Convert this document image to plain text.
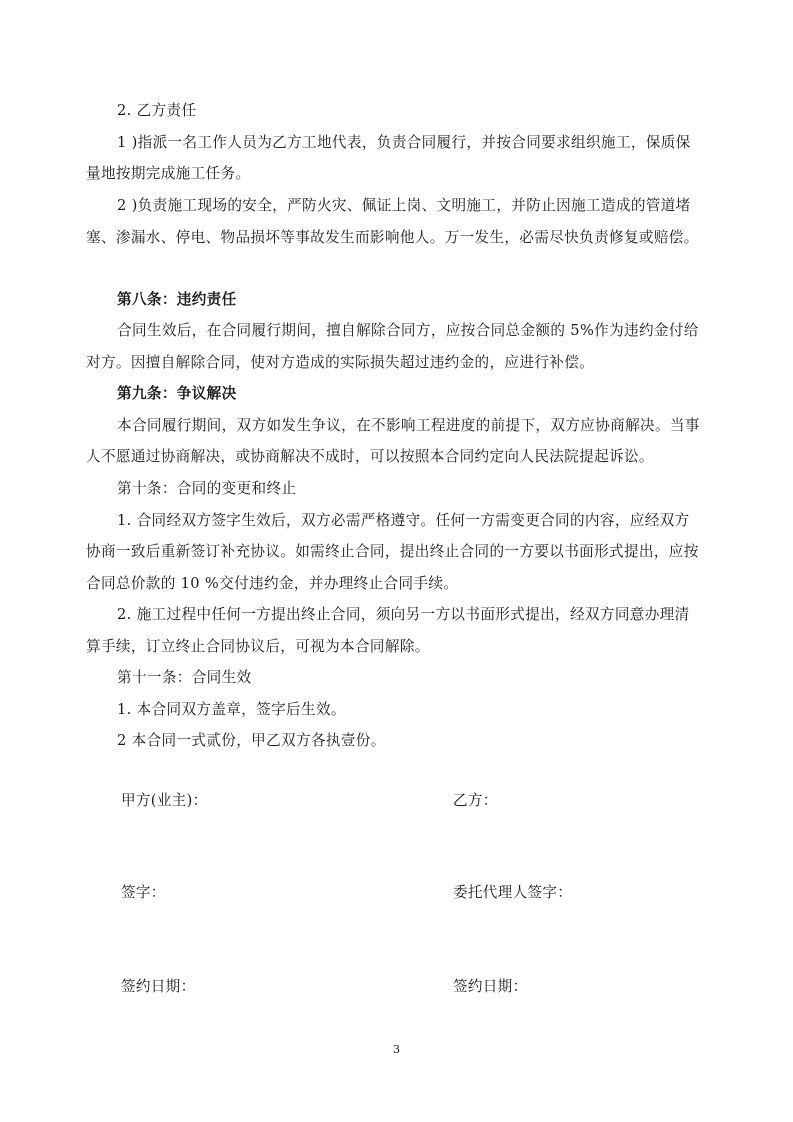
2. 乙方责任
1 )指派一名工作人员为乙方工地代表，负责合同履行，并按合同要求组织施工，保质保
量地按期完成施工任务。
2 )负责施工现场的安全，严防火灾、佩证上岗、文明施工，并防止因施工造成的管道堵
塞、渗漏水、停电、物品损坏等事故发生而影响他人。万一发生，必需尽快负责修复或赔偿。
第八条：违约责任
合同生效后，在合同履行期间，擅自解除合同方，应按合同总金额的 5%作为违约金付给
对方。因擅自解除合同，使对方造成的实际损失超过违约金的，应进行补偿。
第九条：争议解决
本合同履行期间，双方如发生争议，在不影响工程进度的前提下，双方应协商解决。当事
人不愿通过协商解决，或协商解决不成时，可以按照本合同约定向人民法院提起诉讼。
第十条：合同的变更和终止
1. 合同经双方签字生效后，双方必需严格遵守。任何一方需变更合同的内容，应经双方
协商一致后重新签订补充协议。如需终止合同，提出终止合同的一方要以书面形式提出，应按
合同总价款的 10 %交付违约金，并办理终止合同手续。
2. 施工过程中任何一方提出终止合同，须向另一方以书面形式提出，经双方同意办理清
算手续，订立终止合同协议后，可视为本合同解除。
第十一条：合同生效
1. 本合同双方盖章，签字后生效。
2 本合同一式贰份，甲乙双方各执壹份。
甲方(业主)：	乙方：
签字：	委托代理人签字：
签约日期：	签约日期：
3
